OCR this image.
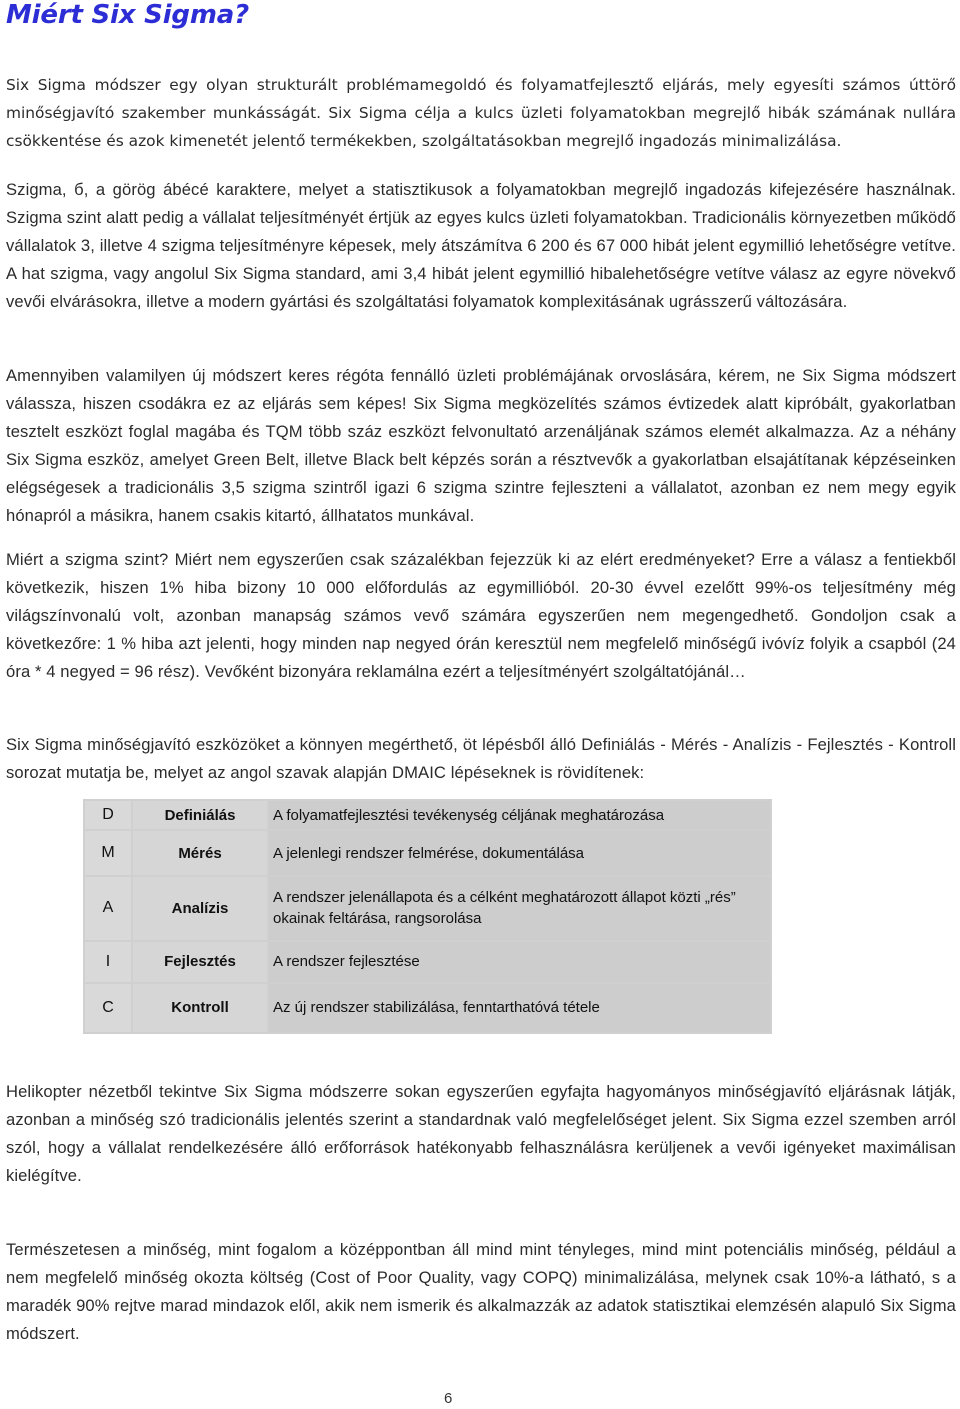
Miért Six Sigma?

Six Sigma módszer egy olyan strukturált problémamegoldó és folyamatfejlesztő eljárás, mely egyesíti számos úttörő minőségjavító szakember munkásságát. Six Sigma célja a kulcs üzleti folyamatokban megrejlő hibák számának nullára csökkentése és azok kimenetét jelentő termékekben, szolgáltatásokban megrejlő ingadozás minimalizálása.

Szigma, б, a görög ábécé karaktere, melyet a statisztikusok a folyamatokban megrejlő ingadozás kifejezésére használnak. Szigma szint alatt pedig a vállalat teljesítményét értjük az egyes kulcs üzleti folyamatokban. Tradicionális környezetben működő vállalatok 3, illetve 4 szigma teljesítményre képesek, mely átszámítva 6 200 és 67 000 hibát jelent egymillió lehetőségre vetítve. A hat szigma, vagy angolul Six Sigma standard, ami 3,4 hibát jelent egymillió hibalehetőségre vetítve válasz az egyre növekvő vevői elvárásokra, illetve a modern gyártási és szolgáltatási folyamatok komplexitásának ugrásszerű változására.

Amennyiben valamilyen új módszert keres régóta fennálló üzleti problémájának orvoslására, kérem, ne Six Sigma módszert válassza, hiszen csodákra ez az eljárás sem képes! Six Sigma megközelítés számos évtizedek alatt kipróbált, gyakorlatban tesztelt eszközt foglal magába és TQM több száz eszközt felvonultató arzenáljának számos elemét alkalmazza. Az a néhány Six Sigma eszköz, amelyet Green Belt, illetve Black belt képzés során a résztvevők a gyakorlatban elsajátítanak képzéseinken elégségesek a tradicionális 3,5 szigma szintről igazi 6 szigma szintre fejleszteni a vállalatot, azonban ez nem megy egyik hónapról a másikra, hanem csakis kitartó, állhatatos munkával.

Miért a szigma szint? Miért nem egyszerűen csak százalékban fejezzük ki az elért eredményeket? Erre a válasz a fentiekből következik, hiszen 1% hiba bizony 10 000 előfordulás az egymillióból. 20-30 évvel ezelőtt 99%-os teljesítmény még világszínvonalú volt, azonban manapság számos vevő számára egyszerűen nem megengedhető. Gondoljon csak a következőre: 1 % hiba azt jelenti, hogy minden nap negyed órán keresztül nem megfelelő minőségű ivóvíz folyik a csapból (24 óra * 4 negyed = 96 rész). Vevőként bizonyára reklamálna ezért a teljesítményért szolgáltatójánál…

Six Sigma minőségjavító eszközöket a könnyen megérthető, öt lépésből álló Definiálás - Mérés - Analízis - Fejlesztés - Kontroll sorozat mutatja be, melyet az angol szavak alapján DMAIC lépéseknek is rövidítenek:

D	Definiálás	A folyamatfejlesztési tevékenység céljának meghatározása
M	Mérés	A jelenlegi rendszer felmérése, dokumentálása
A	Analízis	A rendszer jelenállapota és a célként meghatározott állapot közti „rés” okainak feltárása, rangsorolása
I	Fejlesztés	A rendszer fejlesztése
C	Kontroll	Az új rendszer stabilizálása, fenntarthatóvá tétele

Helikopter nézetből tekintve Six Sigma módszerre sokan egyszerűen egyfajta hagyományos minőségjavító eljárásnak látják, azonban a minőség szó tradicionális jelentés szerint a standardnak való megfelelőséget jelent. Six Sigma ezzel szemben arról szól, hogy a vállalat rendelkezésére álló erőforrások hatékonyabb felhasználásra kerüljenek a vevői igényeket maximálisan kielégítve.

Természetesen a minőség, mint fogalom a középpontban áll mind mint tényleges, mind mint potenciális minőség, például a nem megfelelő minőség okozta költség (Cost of Poor Quality, vagy COPQ) minimalizálása, melynek csak 10%-a látható, s a maradék 90% rejtve marad mindazok elől, akik nem ismerik és alkalmazzák az adatok statisztikai elemzésén alapuló Six Sigma módszert.

6
